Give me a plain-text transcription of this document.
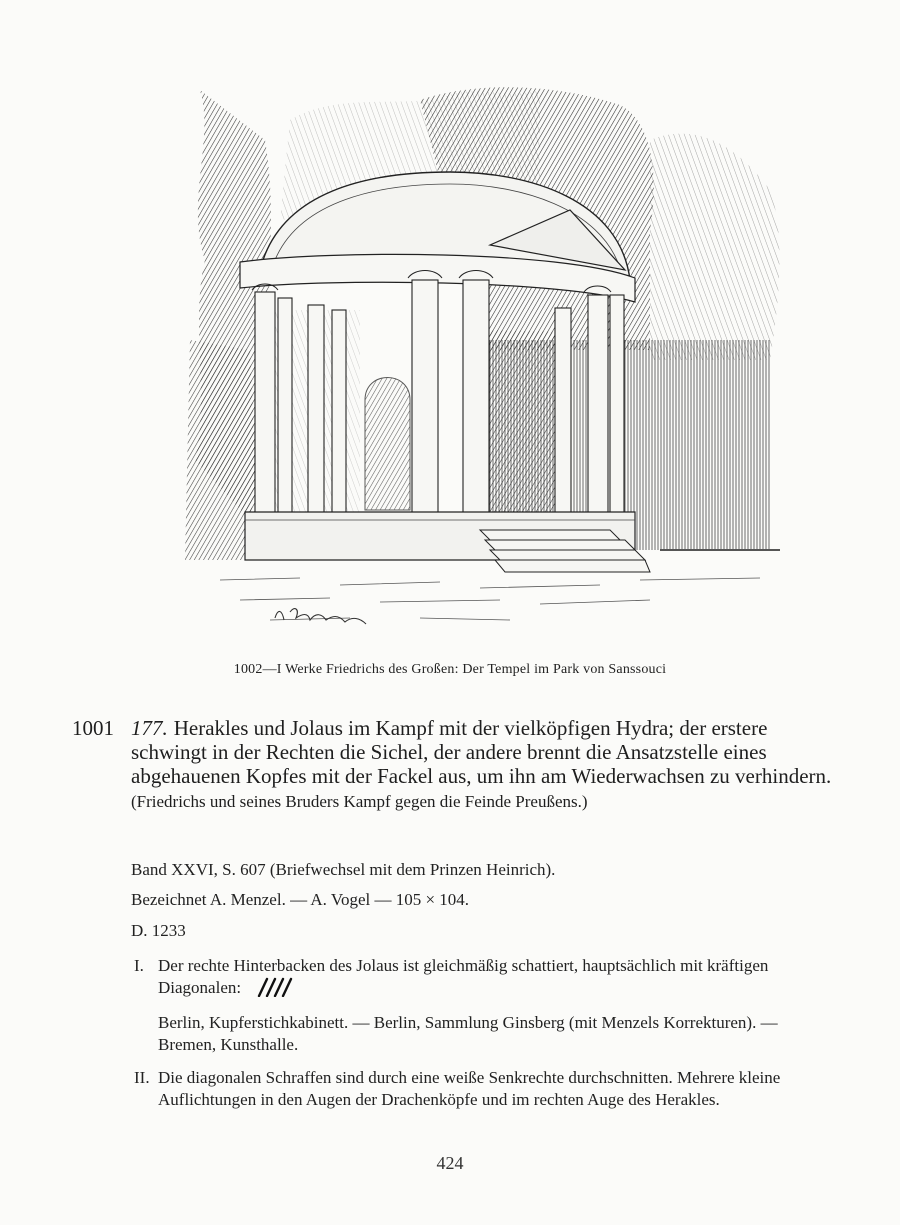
1002—I Werke Friedrichs des Großen: Der Tempel im Park von Sanssouci
1001 177. Herakles und Jolaus im Kampf mit der vielköpfigen Hydra; der erstere schwingt in der Rechten die Sichel, der andere brennt die Ansatzstelle eines abgehauenen Kopfes mit der Fackel aus, um ihn am Wiederwachsen zu verhindern. (Friedrichs und seines Bruders Kampf gegen die Feinde Preußens.)
Band XXVI, S. 607 (Briefwechsel mit dem Prinzen Heinrich).
Bezeichnet A. Menzel. — A. Vogel — 105 × 104.
D. 1233
I. Der rechte Hinterbacken des Jolaus ist gleichmäßig schattiert, hauptsächlich mit kräftigen Diagonalen:
Berlin, Kupferstichkabinett. — Berlin, Sammlung Ginsberg (mit Menzels Korrekturen). — Bremen, Kunsthalle.
II. Die diagonalen Schraffen sind durch eine weiße Senkrechte durchschnitten. Mehrere kleine Auflichtungen in den Augen der Drachenköpfe und im rechten Auge des Herakles.
424
